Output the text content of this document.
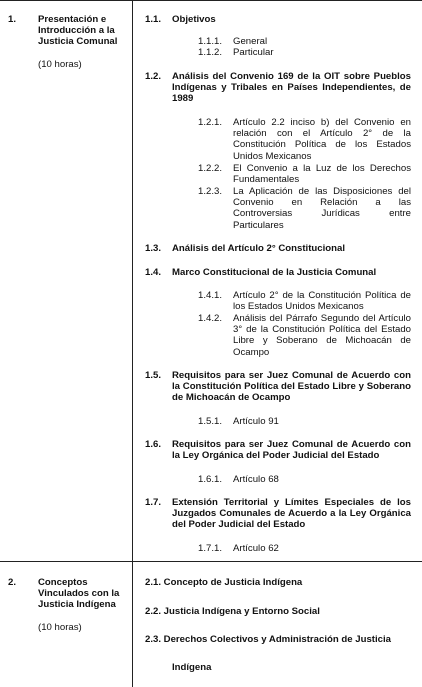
1. Presentación e Introducción a la Justicia Comunal
(10 horas)
1.1. Objetivos
1.1.1. General
1.1.2. Particular
1.2. Análisis del Convenio 169 de la OIT sobre Pueblos Indígenas y Tribales en Países Independientes, de 1989
1.2.1. Artículo 2.2 inciso b) del Convenio en relación con el Artículo 2° de la Constitución Política de los Estados Unidos Mexicanos
1.2.2. El Convenio a la Luz de los Derechos Fundamentales
1.2.3. La Aplicación de las Disposiciones del Convenio en Relación a las Controversias Jurídicas entre Particulares
1.3. Análisis del Artículo 2° Constitucional
1.4. Marco Constitucional de la Justicia Comunal
1.4.1. Artículo 2° de la Constitución Política de los Estados Unidos Mexicanos
1.4.2. Análisis del Párrafo Segundo del Artículo 3° de la Constitución Política del Estado Libre y Soberano de Michoacán de Ocampo
1.5. Requisitos para ser Juez Comunal de Acuerdo con la Constitución Política del Estado Libre y Soberano de Michoacán de Ocampo
1.5.1. Artículo 91
1.6. Requisitos para ser Juez Comunal de Acuerdo con la Ley Orgánica del Poder Judicial del Estado
1.6.1. Artículo 68
1.7. Extensión Territorial y Límites Especiales de los Juzgados Comunales de Acuerdo a la Ley Orgánica del Poder Judicial del Estado
1.7.1. Artículo 62
2. Conceptos Vinculados con la Justicia Indígena
(10 horas)
2.1. Concepto de Justicia Indígena
2.2. Justicia Indígena y Entorno Social
2.3. Derechos Colectivos y Administración de Justicia
Indígena
